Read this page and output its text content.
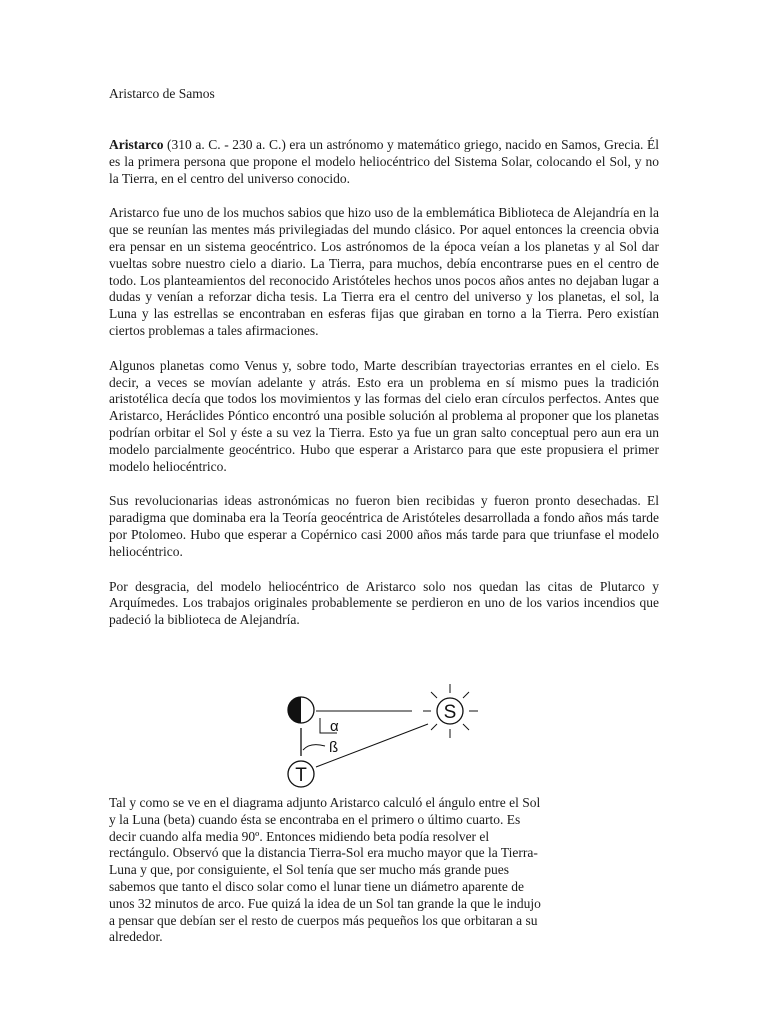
Aristarco de Samos

Aristarco (310 a. C. - 230 a. C.) era un astrónomo y matemático griego, nacido en Samos, Grecia. Él es la primera persona que propone el modelo heliocéntrico del Sistema Solar, colocando el Sol, y no la Tierra, en el centro del universo conocido.

Aristarco fue uno de los muchos sabios que hizo uso de la emblemática Biblioteca de Alejandría en la que se reunían las mentes más privilegiadas del mundo clásico. Por aquel entonces la creencia obvia era pensar en un sistema geocéntrico. Los astrónomos de la época veían a los planetas y al Sol dar vueltas sobre nuestro cielo a diario. La Tierra, para muchos, debía encontrarse pues en el centro de todo. Los planteamientos del reconocido Aristóteles hechos unos pocos años antes no dejaban lugar a dudas y venían a reforzar dicha tesis. La Tierra era el centro del universo y los planetas, el sol, la Luna y las estrellas se encontraban en esferas fijas que giraban en torno a la Tierra. Pero existían ciertos problemas a tales afirmaciones.

Algunos planetas como Venus y, sobre todo, Marte describían trayectorias errantes en el cielo. Es decir, a veces se movían adelante y atrás. Esto era un problema en sí mismo pues la tradición aristotélica decía que todos los movimientos y las formas del cielo eran círculos perfectos. Antes que Aristarco, Heráclides Póntico encontró una posible solución al problema al proponer que los planetas podrían orbitar el Sol y éste a su vez la Tierra. Esto ya fue un gran salto conceptual pero aun era un modelo parcialmente geocéntrico. Hubo que esperar a Aristarco para que este propusiera el primer modelo heliocéntrico.

Sus revolucionarias ideas astronómicas no fueron bien recibidas y fueron pronto desechadas. El paradigma que dominaba era la Teoría geocéntrica de Aristóteles desarrollada a fondo años más tarde por Ptolomeo. Hubo que esperar a Copérnico casi 2000 años más tarde para que triunfase el modelo heliocéntrico.

Por desgracia, del modelo heliocéntrico de Aristarco solo nos quedan las citas de Plutarco y Arquímedes. Los trabajos originales probablemente se perdieron en uno de los varios incendios que padeció la biblioteca de Alejandría.

S
T
α
ß
Tal y como se ve en el diagrama adjunto Aristarco calculó el ángulo entre el Sol y la Luna (beta) cuando ésta se encontraba en el primero o último cuarto. Es decir cuando alfa media 90º. Entonces midiendo beta podía resolver el rectángulo. Observó que la distancia Tierra-Sol era mucho mayor que la Tierra-Luna y que, por consiguiente, el Sol tenía que ser mucho más grande pues sabemos que tanto el disco solar como el lunar tiene un diámetro aparente de unos 32 minutos de arco. Fue quizá la idea de un Sol tan grande la que le indujo a pensar que debían ser el resto de cuerpos más pequeños los que orbitaran a su alrededor.
